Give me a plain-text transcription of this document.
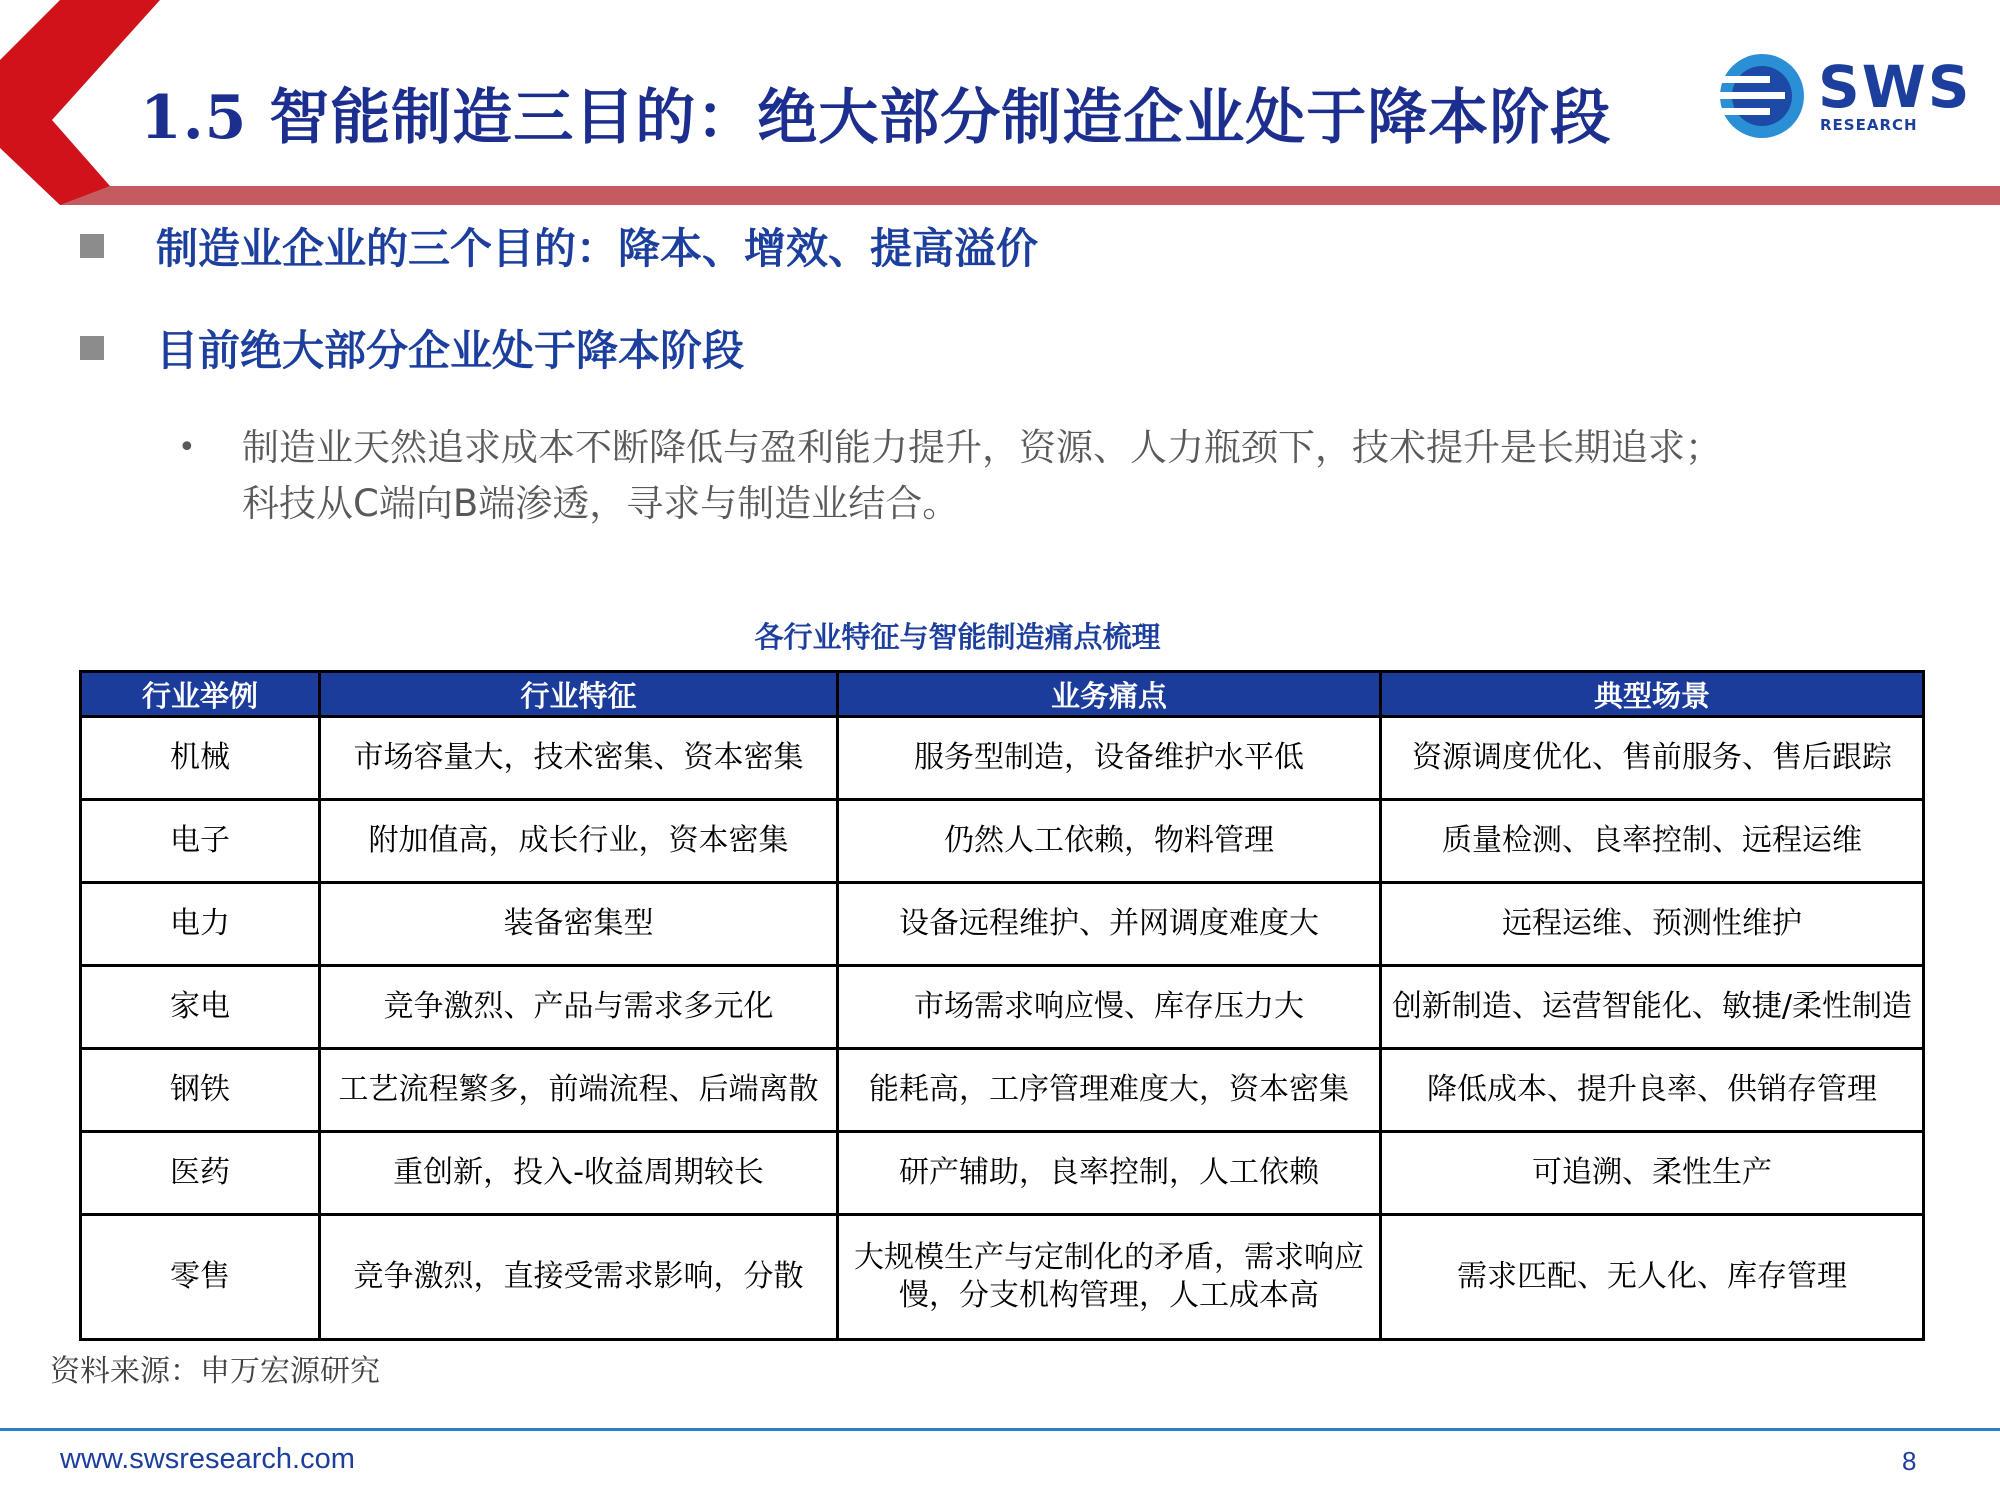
1.5 智能制造三目的：绝大部分制造企业处于降本阶段	SWS
RESEARCH
制造业企业的三个目的：降本、增效、提高溢价
目前绝大部分企业处于降本阶段
• 制造业天然追求成本不断降低与盈利能力提升，资源、人力瓶颈下，技术提升是长期追求；
科技从C端向B端渗透，寻求与制造业结合。
各行业特征与智能制造痛点梳理
行业举例	行业特征	业务痛点	典型场景
机械	市场容量大，技术密集、资本密集	服务型制造，设备维护水平低	资源调度优化、售前服务、售后跟踪
电子	附加值高，成长行业，资本密集	仍然人工依赖，物料管理	质量检测、良率控制、远程运维
电力	装备密集型	设备远程维护、并网调度难度大	远程运维、预测性维护
家电	竞争激烈、产品与需求多元化	市场需求响应慢、库存压力大	创新制造、运营智能化、敏捷/柔性制造
钢铁	工艺流程繁多，前端流程、后端离散	能耗高，工序管理难度大，资本密集	降低成本、提升良率、供销存管理
医药	重创新，投入-收益周期较长	研产辅助，良率控制，人工依赖	可追溯、柔性生产
零售	竞争激烈，直接受需求影响，分散	大规模生产与定制化的矛盾，需求响应慢，分支机构管理，人工成本高	需求匹配、无人化、库存管理
资料来源：申万宏源研究
www.swsresearch.com	8
